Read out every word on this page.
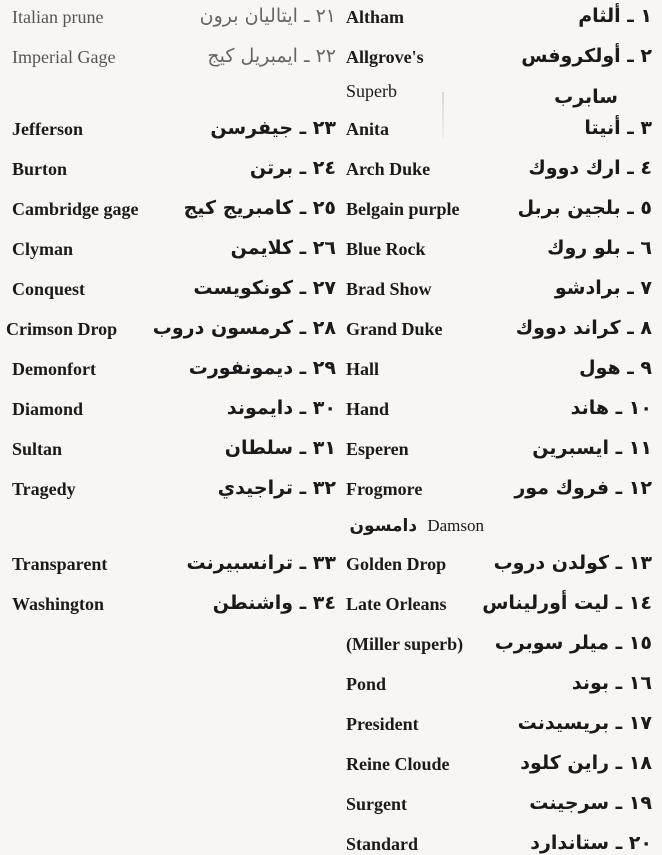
دامسون Damson
Altham	١ ـ ألثام
Allgrove's	٢ ـ أولكروفس
Superb	سابرب
Anita	٣ ـ أنيتا
Arch Duke	٤ ـ ارك دووك
Belgain purple	٥ ـ بلجين بربل
Blue Rock	٦ ـ بلو روك
Brad Show	٧ ـ برادشو
Grand Duke	٨ ـ كراند دووك
Hall	٩ ـ هول
Hand	١٠ ـ هاند
Esperen	١١ ـ ايسبرين
Frogmore	١٢ ـ فروك مور
Golden Drop ١٣ ـ كولدن دروب
Late Orleans ١٤ ـ ليت أورليناس
(Miller superb) ١٥ ـ ميلر سوبرب
Pond	١٦ ـ بوند
President	١٧ ـ بريسيدنت
Reine Cloude	١٨ ـ راين كلود
Surgent	١٩ ـ سرجينت
Standard	٢٠ ـ ستاندارد
Italian prune	٢١ ـ ايتاليان برون
Imperial Gage	٢٢ ـ ايمبريل كيج
Jefferson	٢٣ ـ جيفرسن
Burton	٢٤ ـ برتن
Cambridge gage ٢٥ ـ كامبريج كيج
Clyman	٢٦ ـ كلايمن
Conquest	٢٧ ـ كونكويست
Crimson Drop ٢٨ ـ كرمسون دروب
Demonfort	٢٩ ـ ديمونفورت
Diamond	٣٠ ـ دايموند
Sultan	٣١ ـ سلطان
Tragedy	٣٢ ـ تراجيدي
Transparent	٣٣ ـ ترانسبيرنت
Washington	٣٤ ـ واشنطن
